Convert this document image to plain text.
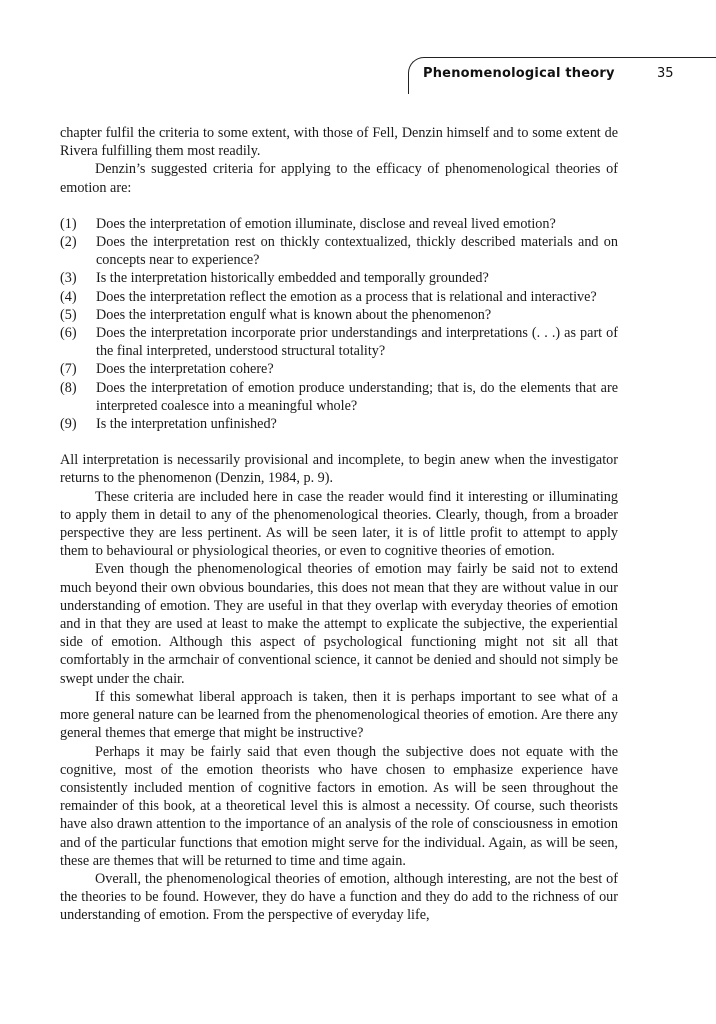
Phenomenological theory	35

chapter fulfil the criteria to some extent, with those of Fell, Denzin himself and to some extent de Rivera fulfilling them most readily.

Denzin’s suggested criteria for applying to the efficacy of phenomenological theories of emotion are:

(1)	Does the interpretation of emotion illuminate, disclose and reveal lived emotion?
(2)	Does the interpretation rest on thickly contextualized, thickly described materials and on concepts near to experience?
(3)	Is the interpretation historically embedded and temporally grounded?
(4)	Does the interpretation reflect the emotion as a process that is relational and interactive?
(5)	Does the interpretation engulf what is known about the phenomenon?
(6)	Does the interpretation incorporate prior understandings and interpretations (. . .) as part of the final interpreted, understood structural totality?
(7)	Does the interpretation cohere?
(8)	Does the interpretation of emotion produce understanding; that is, do the elements that are interpreted coalesce into a meaningful whole?
(9)	Is the interpretation unfinished?

All interpretation is necessarily provisional and incomplete, to begin anew when the investigator returns to the phenomenon (Denzin, 1984, p. 9).

These criteria are included here in case the reader would find it interesting or illuminating to apply them in detail to any of the phenomenological theories. Clearly, though, from a broader perspective they are less pertinent. As will be seen later, it is of little profit to attempt to apply them to behavioural or physiological theories, or even to cognitive theories of emotion.

Even though the phenomenological theories of emotion may fairly be said not to extend much beyond their own obvious boundaries, this does not mean that they are without value in our understanding of emotion. They are useful in that they overlap with everyday theories of emotion and in that they are used at least to make the attempt to explicate the subjective, the experiential side of emotion. Although this aspect of psychological functioning might not sit all that comfortably in the armchair of conventional science, it cannot be denied and should not simply be swept under the chair.

If this somewhat liberal approach is taken, then it is perhaps important to see what of a more general nature can be learned from the phenomenological theories of emotion. Are there any general themes that emerge that might be instructive?

Perhaps it may be fairly said that even though the subjective does not equate with the cognitive, most of the emotion theorists who have chosen to emphasize experience have consistently included mention of cognitive factors in emotion. As will be seen throughout the remainder of this book, at a theoretical level this is almost a necessity. Of course, such theorists have also drawn attention to the importance of an analysis of the role of consciousness in emotion and of the particular functions that emotion might serve for the individual. Again, as will be seen, these are themes that will be returned to time and time again.

Overall, the phenomenological theories of emotion, although interesting, are not the best of the theories to be found. However, they do have a function and they do add to the richness of our understanding of emotion. From the perspective of everyday life,
